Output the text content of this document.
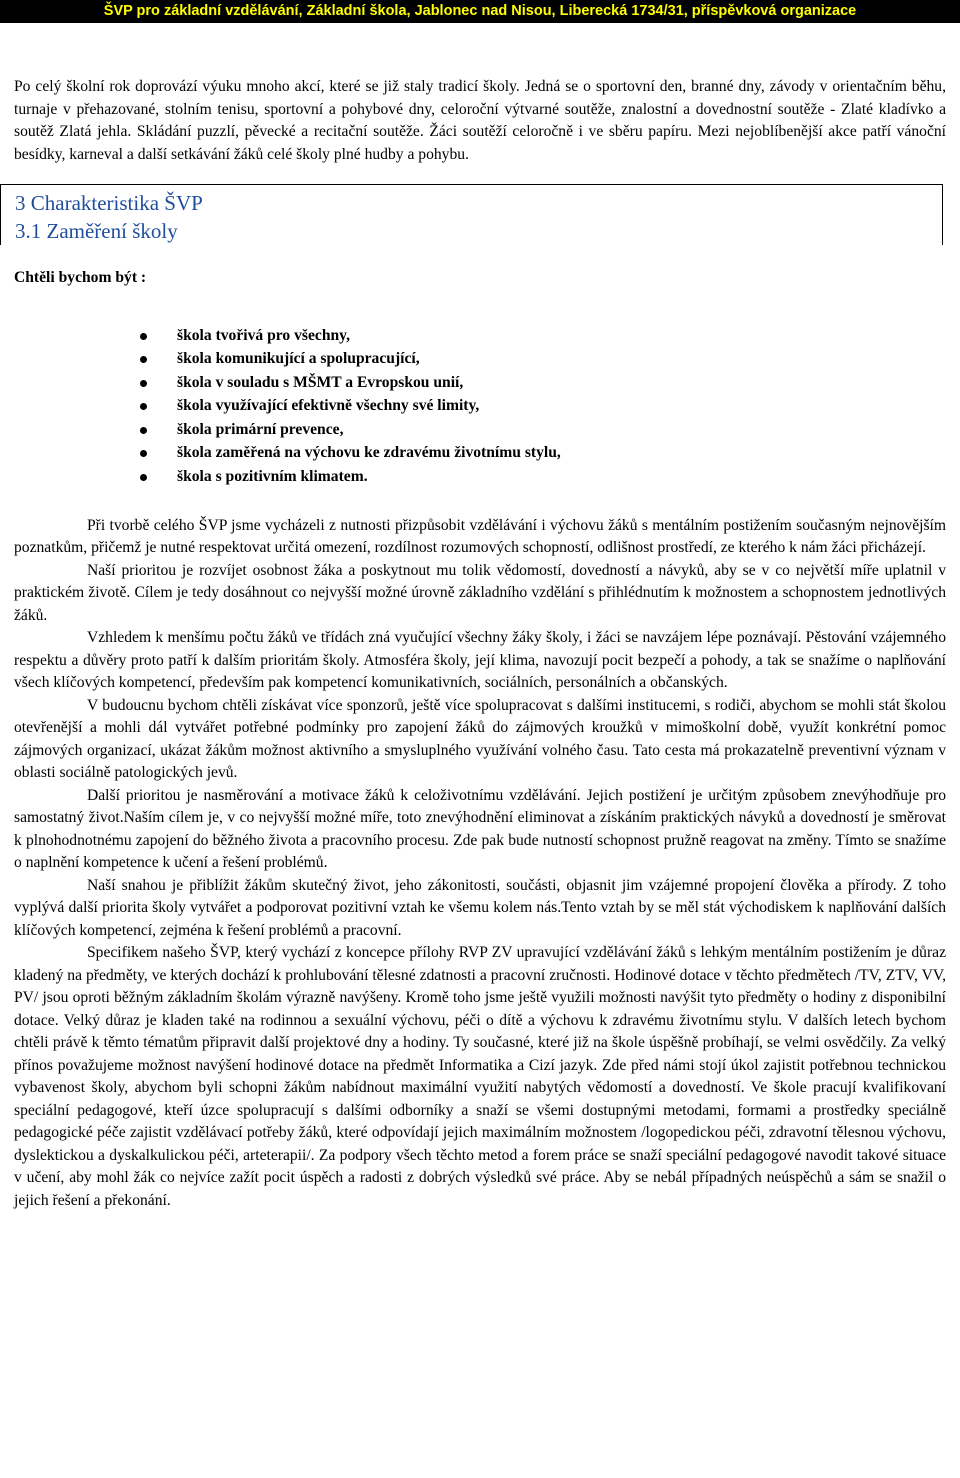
ŠVP pro základní vzdělávání, Základní škola, Jablonec nad Nisou, Liberecká 1734/31, příspěvková organizace

Po celý školní rok doprovází výuku mnoho akcí, které se již staly tradicí školy. Jedná se o sportovní den, branné dny, závody v orientačním běhu, turnaje v přehazované, stolním tenisu, sportovní a pohybové dny, celoroční výtvarné soutěže, znalostní a dovednostní soutěže - Zlaté kladívko a soutěž Zlatá jehla. Skládání puzzlí, pěvecké a recitační soutěže. Žáci soutěží celoročně i ve sběru papíru. Mezi nejoblíbenější akce patří vánoční besídky, karneval a další setkávání žáků celé školy plné hudby a pohybu.

3 Charakteristika ŠVP
3.1 Zaměření školy

Chtěli bychom být :

škola tvořivá pro všechny,
škola komunikující a spolupracující,
škola v souladu s MŠMT a Evropskou unií,
škola využívající efektivně všechny své limity,
škola primární prevence,
škola zaměřená na výchovu ke zdravému životnímu stylu,
škola s pozitivním klimatem.

Při tvorbě celého ŠVP jsme vycházeli z nutnosti přizpůsobit vzdělávání i výchovu žáků s mentálním postižením současným nejnovějším poznatkům, přičemž je nutné respektovat určitá omezení, rozdílnost rozumových schopností, odlišnost prostředí, ze kterého k nám žáci přicházejí.

Naší prioritou je rozvíjet osobnost žáka a poskytnout mu tolik vědomostí, dovedností a návyků, aby se v co největší míře uplatnil v praktickém životě. Cílem je tedy dosáhnout co nejvyšší možné úrovně základního vzdělání s přihlédnutím k možnostem a schopnostem jednotlivých žáků.

Vzhledem k menšímu počtu žáků ve třídách zná vyučující všechny žáky školy, i žáci se navzájem lépe poznávají. Pěstování vzájemného respektu a důvěry proto patří k dalším prioritám školy. Atmosféra školy, její klima, navozují pocit bezpečí a pohody, a tak se snažíme o naplňování všech klíčových kompetencí, především pak kompetencí komunikativních, sociálních, personálních a občanských.

V budoucnu bychom chtěli získávat více sponzorů, ještě více spolupracovat s dalšími institucemi, s rodiči, abychom se mohli stát školou otevřenější a mohli dál vytvářet potřebné podmínky pro zapojení žáků do zájmových kroužků v mimoškolní době, využít konkrétní pomoc zájmových organizací, ukázat žákům možnost aktivního a smysluplného využívání volného času. Tato cesta má prokazatelně preventivní význam v oblasti sociálně patologických jevů.

Další prioritou je nasměrování a motivace žáků k celoživotnímu vzdělávání. Jejich postižení je určitým způsobem znevýhodňuje pro samostatný život.Naším cílem je, v co nejvyšší možné míře, toto znevýhodnění eliminovat a získáním praktických návyků a dovedností je směrovat k plnohodnotnému zapojení do běžného života a pracovního procesu. Zde pak bude nutností schopnost pružně reagovat na změny. Tímto se snažíme o naplnění kompetence k učení a řešení problémů.

Naší snahou je přiblížit žákům skutečný život, jeho zákonitosti, součásti, objasnit jim vzájemné propojení člověka a přírody. Z toho vyplývá další priorita školy vytvářet a podporovat pozitivní vztah ke všemu kolem nás.Tento vztah by se měl stát východiskem k naplňování dalších klíčových kompetencí, zejména k řešení problémů a pracovní.

Specifikem našeho ŠVP, který vychází z koncepce přílohy RVP ZV upravující vzdělávání žáků s lehkým mentálním postižením je důraz kladený na předměty, ve kterých dochází k prohlubování tělesné zdatnosti a pracovní zručnosti. Hodinové dotace v těchto předmětech /TV, ZTV, VV, PV/ jsou oproti běžným základním školám výrazně navýšeny. Kromě toho jsme ještě využili možnosti navýšit tyto předměty o hodiny z disponibilní dotace. Velký důraz je kladen také na rodinnou a sexuální výchovu, péči o dítě a výchovu k zdravému životnímu stylu. V dalších letech bychom chtěli právě k těmto tématům připravit další projektové dny a hodiny. Ty současné, které již na škole úspěšně probíhají, se velmi osvědčily. Za velký přínos považujeme možnost navýšení hodinové dotace na předmět Informatika a Cizí jazyk. Zde před námi stojí úkol zajistit potřebnou technickou vybavenost školy, abychom byli schopni žákům nabídnout maximální využití nabytých vědomostí a dovedností. Ve škole pracují kvalifikovaní speciální pedagogové, kteří úzce spolupracují s dalšími odborníky a snaží se všemi dostupnými metodami, formami a prostředky speciálně pedagogické péče zajistit vzdělávací potřeby žáků, které odpovídají jejich maximálním možnostem /logopedickou péči, zdravotní tělesnou výchovu, dyslektickou a dyskalkulickou péči, arteterapii/. Za podpory všech těchto metod a forem práce se snaží speciální pedagogové navodit takové situace v učení, aby mohl žák co nejvíce zažít pocit úspěch a radosti z dobrých výsledků své práce. Aby se nebál případných neúspěchů a sám se snažil o jejich řešení a překonání.
